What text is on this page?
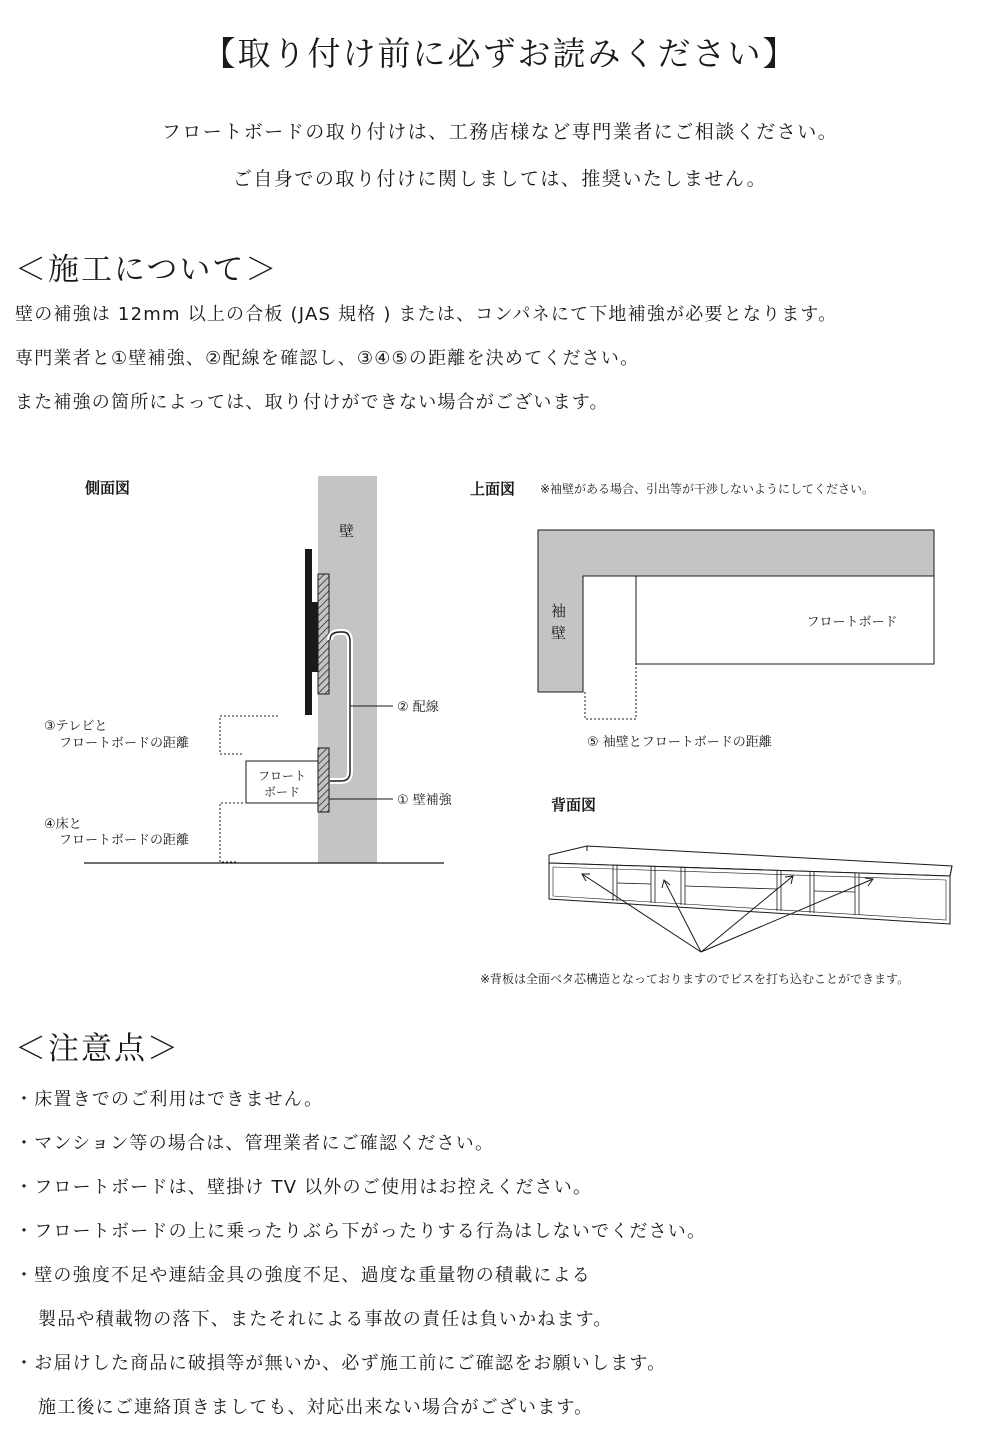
【取り付け前に必ずお読みください】
フロートボードの取り付けは、工務店様など専門業者にご相談ください。
ご自身での取り付けに関しましては、推奨いたしません。
＜施工について＞
壁の補強は 12mm 以上の合板 (JAS 規格 ) または、コンパネにて下地補強が必要となります。
専門業者と①壁補強、②配線を確認し、③④⑤の距離を決めてください。
また補強の箇所によっては、取り付けができない場合がございます。
側面図
壁
フロート
ボード
② 配線
① 壁補強
③テレビと
フロートボードの距離
④床と
フロートボードの距離
上面図 ※袖壁がある場合、引出等が干渉しないようにしてください。
袖
壁
フロートボード
⑤ 袖壁とフロートボードの距離
背面図
※背板は全面ベタ芯構造となっておりますのでビスを打ち込むことができます。
＜注意点＞
・床置きでのご利用はできません。
・マンション等の場合は、管理業者にご確認ください。
・フロートボードは、壁掛け TV 以外のご使用はお控えください。
・フロートボードの上に乗ったりぶら下がったりする行為はしないでください。
・壁の強度不足や連結金具の強度不足、過度な重量物の積載による
製品や積載物の落下、またそれによる事故の責任は負いかねます。
・お届けした商品に破損等が無いか、必ず施工前にご確認をお願いします。
施工後にご連絡頂きましても、対応出来ない場合がございます。
